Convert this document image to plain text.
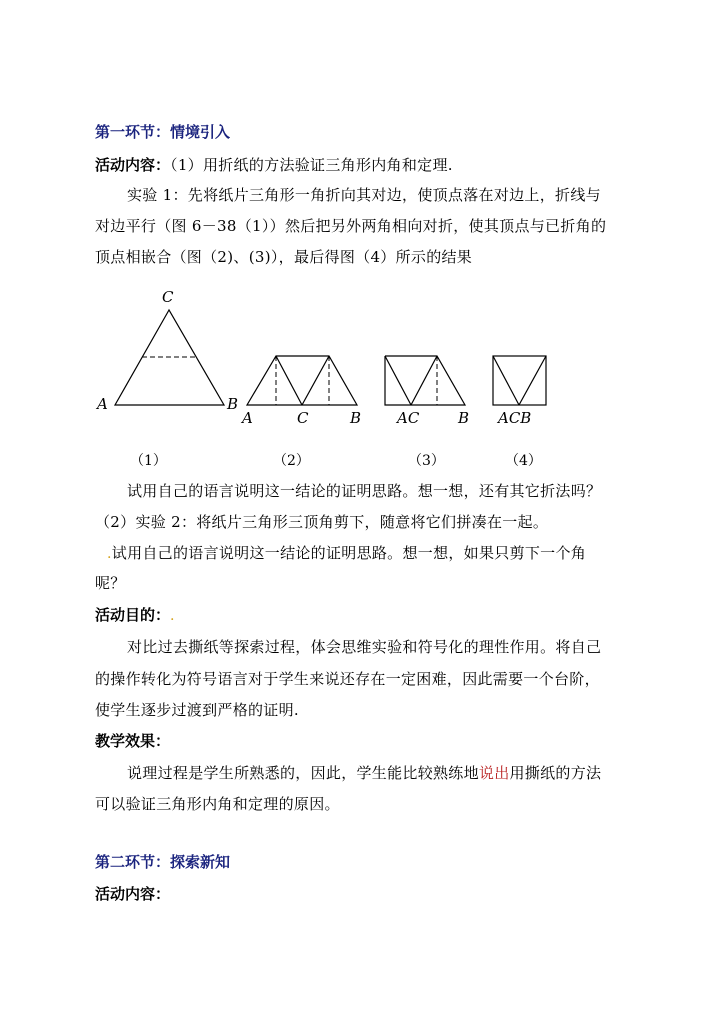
第一环节：情境引入
活动内容：（1）用折纸的方法验证三角形内角和定理.
实验 1：先将纸片三角形一角折向其对边，使顶点落在对边上，折线与
对边平行（图 6－38（1））然后把另外两角相向对折，使其顶点与已折角的
顶点相嵌合（图（2)、(3)），最后得图（4）所示的结果
C
A	B
A	C	B AC	B ACB
（1）	（2）	（3）	（4）
试用自己的语言说明这一结论的证明思路。想一想，还有其它折法吗？
（2）实验 2：将纸片三角形三顶角剪下，随意将它们拼凑在一起。
.试用自己的语言说明这一结论的证明思路。想一想，如果只剪下一个角
呢？
活动目的：.
对比过去撕纸等探索过程，体会思维实验和符号化的理性作用。将自己
的操作转化为符号语言对于学生来说还存在一定困难，因此需要一个台阶，
使学生逐步过渡到严格的证明.
教学效果：
说理过程是学生所熟悉的，因此，学生能比较熟练地说出用撕纸的方法
可以验证三角形内角和定理的原因。
第二环节：探索新知
活动内容：
